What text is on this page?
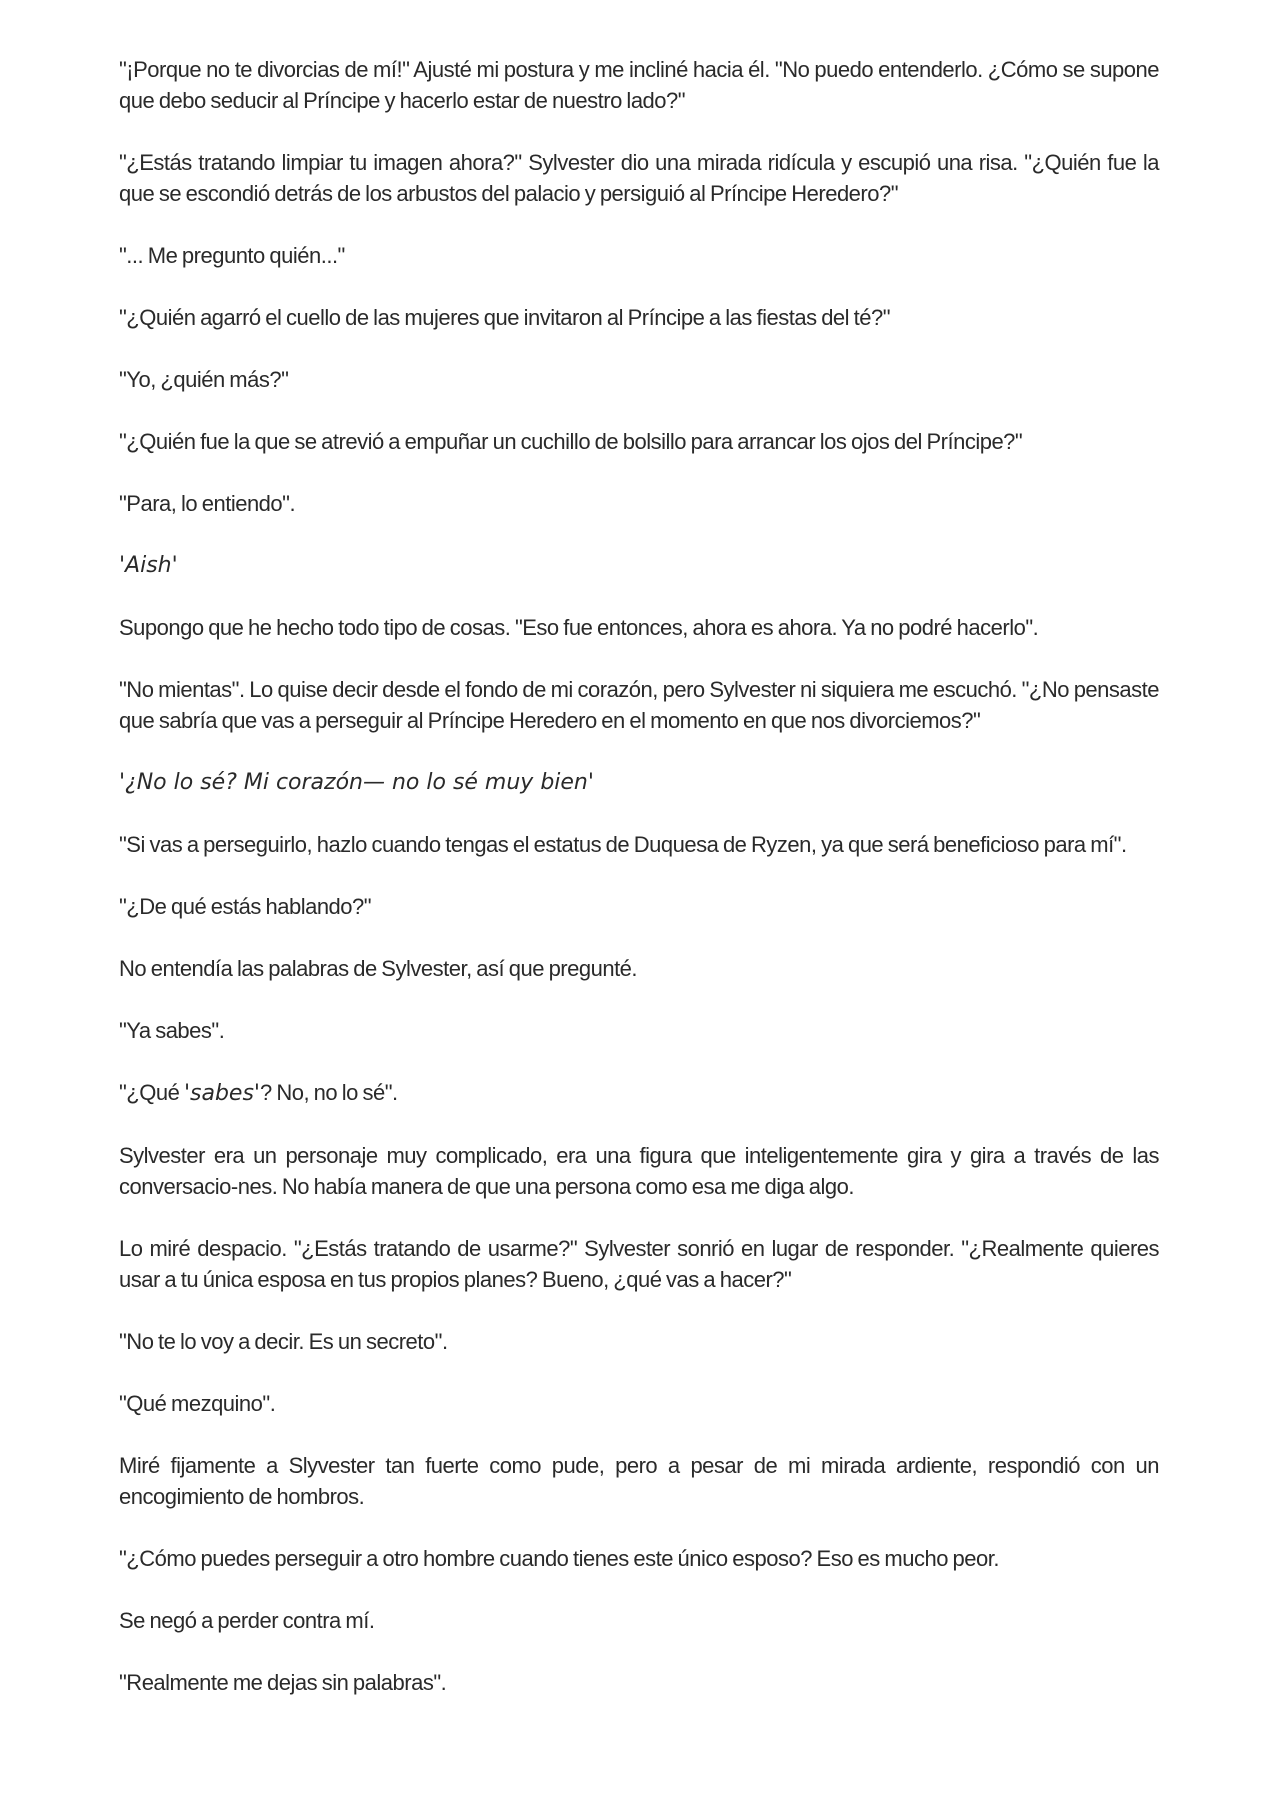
"¡Porque no te divorcias de mí!" Ajusté mi postura y me incliné hacia él. "No puedo entenderlo. ¿Cómo se supone que debo seducir al Príncipe y hacerlo estar de nuestro lado?"

"¿Estás tratando limpiar tu imagen ahora?" Sylvester dio una mirada ridícula y escupió una risa. "¿Quién fue la que se escondió detrás de los arbustos del palacio y persiguió al Príncipe Heredero?"

"... Me pregunto quién..."

"¿Quién agarró el cuello de las mujeres que invitaron al Príncipe a las fiestas del té?"

"Yo, ¿quién más?"

"¿Quién fue la que se atrevió a empuñar un cuchillo de bolsillo para arrancar los ojos del Príncipe?"

"Para, lo entiendo".

'Aish'

Supongo que he hecho todo tipo de cosas. "Eso fue entonces, ahora es ahora. Ya no podré hacerlo".

"No mientas". Lo quise decir desde el fondo de mi corazón, pero Sylvester ni siquiera me escuchó. "¿No pensaste que sabría que vas a perseguir al Príncipe Heredero en el momento en que nos divorciemos?"

'¿No lo sé? Mi corazón— no lo sé muy bien'

"Si vas a perseguirlo, hazlo cuando tengas el estatus de Duquesa de Ryzen, ya que será beneficioso para mí".

"¿De qué estás hablando?"

No entendía las palabras de Sylvester, así que pregunté.

"Ya sabes".

"¿Qué 'sabes'? No, no lo sé".

Sylvester era un personaje muy complicado, era una figura que inteligentemente gira y gira a través de las conversacio-nes. No había manera de que una persona como esa me diga algo.

Lo miré despacio. "¿Estás tratando de usarme?" Sylvester sonrió en lugar de responder. "¿Realmente quieres usar a tu única esposa en tus propios planes? Bueno, ¿qué vas a hacer?"

"No te lo voy a decir. Es un secreto".

"Qué mezquino".

Miré fijamente a Slyvester tan fuerte como pude, pero a pesar de mi mirada ardiente, respondió con un encogimiento de hombros.

"¿Cómo puedes perseguir a otro hombre cuando tienes este único esposo? Eso es mucho peor.

Se negó a perder contra mí.

"Realmente me dejas sin palabras".
